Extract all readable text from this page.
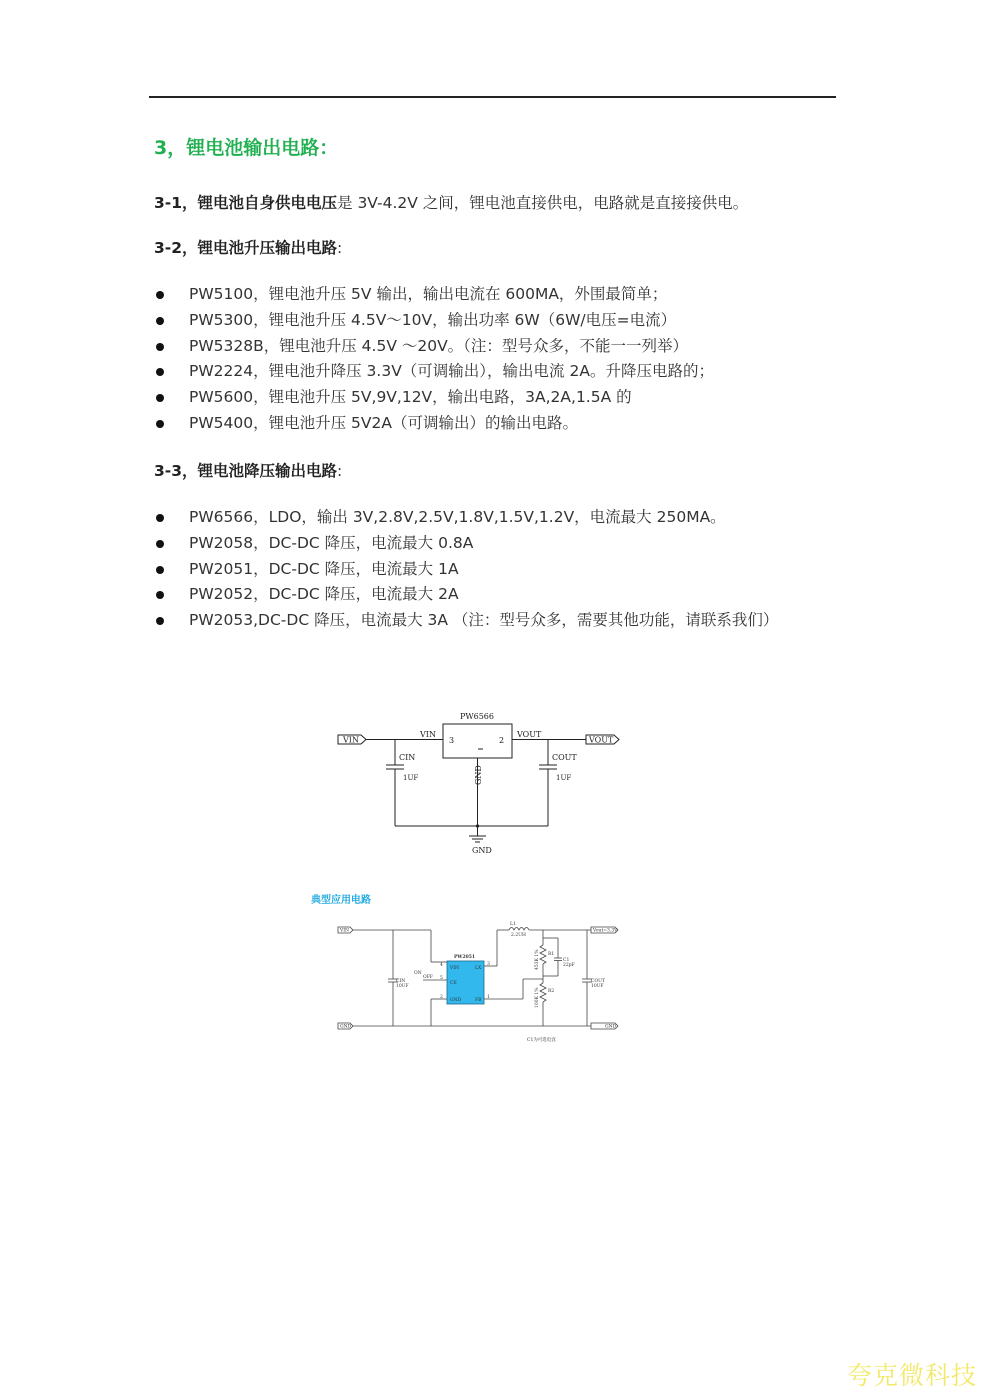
3，锂电池输出电路：
3-1，锂电池自身供电电压是 3V-4.2V 之间，锂电池直接供电，电路就是直接接供电。
3-2，锂电池升压输出电路:
PW5100，锂电池升压 5V 输出，输出电流在 600MA，外围最简单；
PW5300，锂电池升压 4.5V～10V，输出功率 6W（6W/电压=电流）
PW5328B，锂电池升压 4.5V ～20V。（注：型号众多，不能一一列举）
PW2224，锂电池升降压 3.3V（可调输出），输出电流 2A。升降压电路的；
PW5600，锂电池升压 5V,9V,12V，输出电路，3A,2A,1.5A 的
PW5400，锂电池升压 5V2A（可调输出）的输出电路。
3-3，锂电池降压输出电路:
PW6566，LDO，输出 3V,2.8V,2.5V,1.8V,1.5V,1.2V，电流最大 250MA。
PW2058，DC-DC 降压，电流最大 0.8A
PW2051，DC-DC 降压，电流最大 1A
PW2052，DC-DC 降压，电流最大 2A
PW2053,DC-DC 降压，电流最大 3A （注：型号众多，需要其他功能，请联系我们）
VIN	VOUT
PW6566
VIN	VOUT
3	2
GND
GND
CIN
1UF
COUT
1UF
典型应用电路
VIN	Vout=3.3V
GND	GND
PW2051
VIN	LX
CE
GND	FB
4	3
5
2	1
L1
2.2UH
ON
OFF
CIN
10UF
COUT
10UF
R1
453K 1%
R2
100K 1%
C1
22pF
C1为可选电容
夸克微科技
